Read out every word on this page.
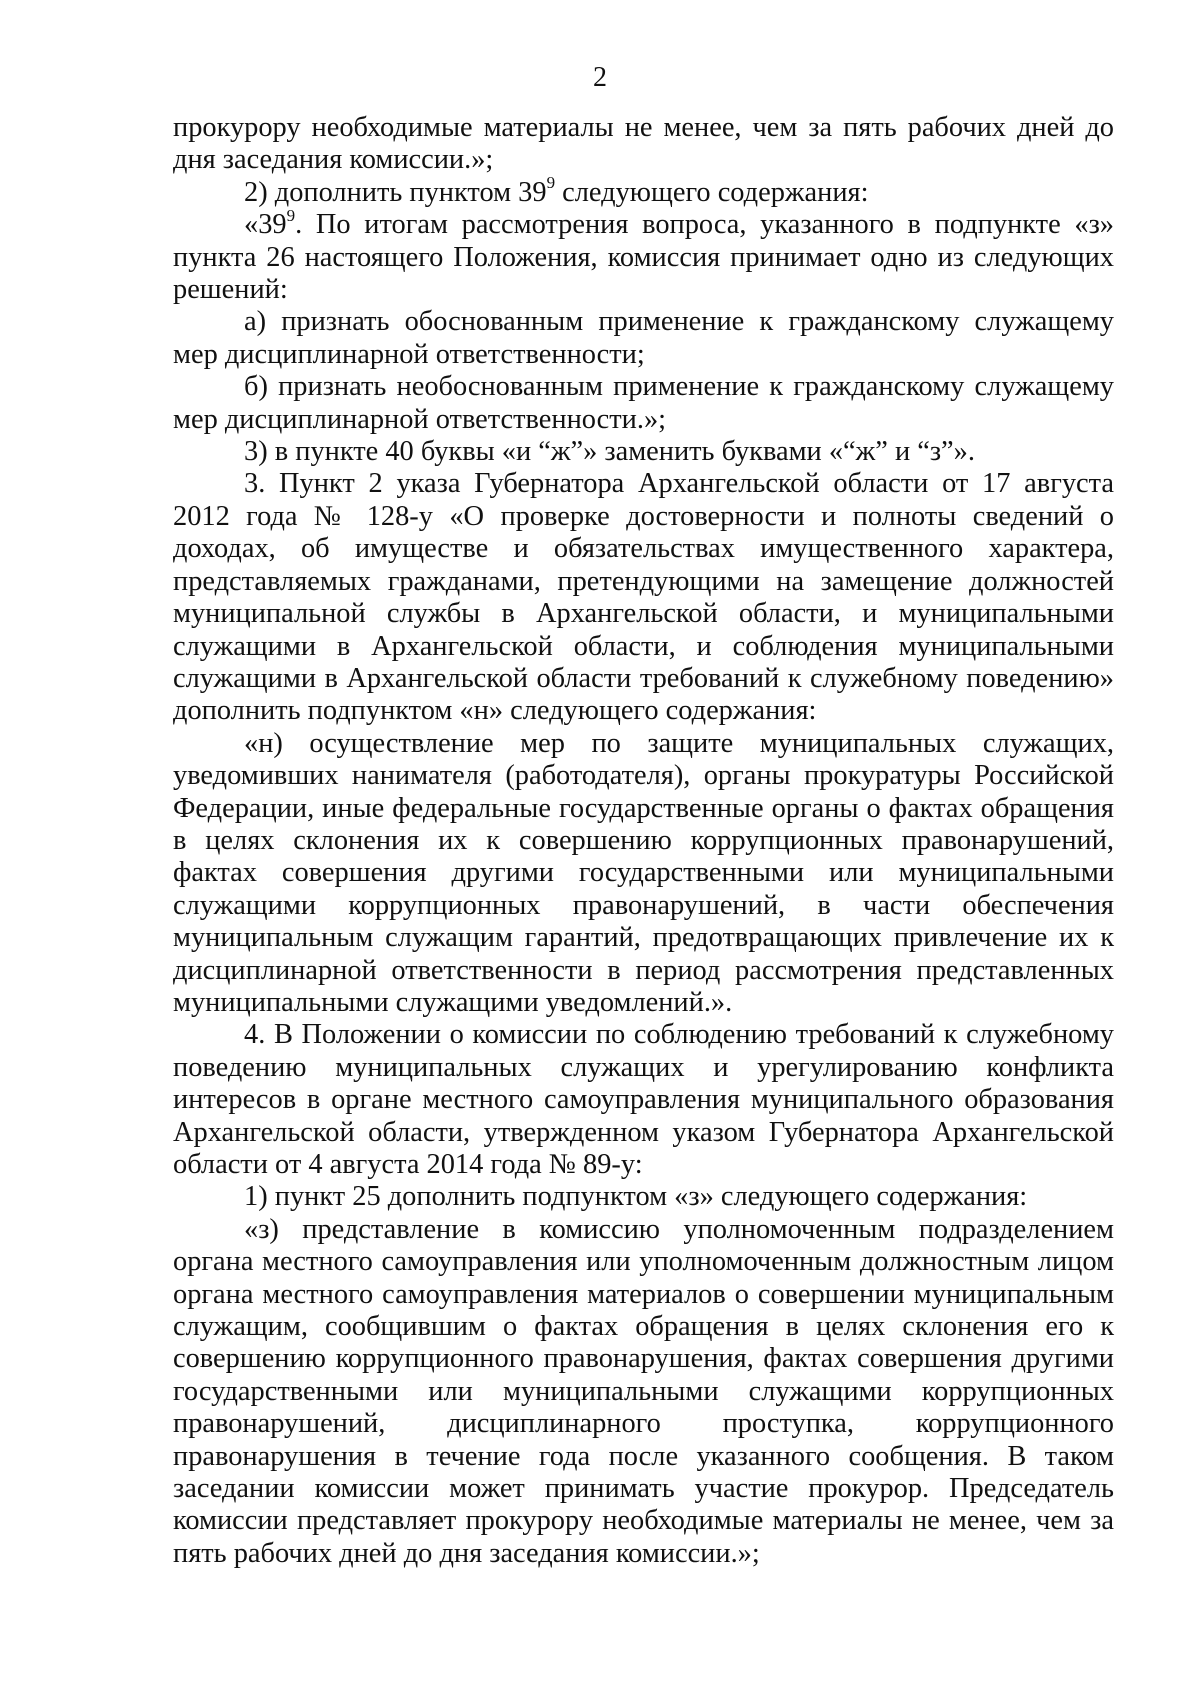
2

прокурору необходимые материалы не менее, чем за пять рабочих дней до дня заседания комиссии.»;

2) дополнить пунктом $39^9$ следующего содержания:

«$39^9$. По итогам рассмотрения вопроса, указанного в подпункте «з» пункта 26 настоящего Положения, комиссия принимает одно из следующих решений:

а) признать обоснованным применение к гражданскому служащему мер дисциплинарной ответственности;

б) признать необоснованным применение к гражданскому служащему мер дисциплинарной ответственности.»;

3) в пункте 40 буквы «и “ж”» заменить буквами «“ж” и “з”».

3. Пункт 2 указа Губернатора Архангельской области от 17 августа 2012 года № 128-у «О проверке достоверности и полноты сведений о доходах, об имуществе и обязательствах имущественного характера, представляемых гражданами, претендующими на замещение должностей муниципальной службы в Архангельской области, и муниципальными служащими в Архангельской области, и соблюдения муниципальными служащими в Архангельской области требований к служебному поведению» дополнить подпунктом «н» следующего содержания:

«н) осуществление мер по защите муниципальных служащих, уведомивших нанимателя (работодателя), органы прокуратуры Российской Федерации, иные федеральные государственные органы о фактах обращения в целях склонения их к совершению коррупционных правонарушений, фактах совершения другими государственными или муниципальными служащими коррупционных правонарушений, в части обеспечения муниципальным служащим гарантий, предотвращающих привлечение их к дисциплинарной ответственности в период рассмотрения представленных муниципальными служащими уведомлений.».

4. В Положении о комиссии по соблюдению требований к служебному поведению муниципальных служащих и урегулированию конфликта интересов в органе местного самоуправления муниципального образования Архангельской области, утвержденном указом Губернатора Архангельской области от 4 августа 2014 года № 89-у:

1) пункт 25 дополнить подпунктом «з» следующего содержания:

«з) представление в комиссию уполномоченным подразделением органа местного самоуправления или уполномоченным должностным лицом органа местного самоуправления материалов о совершении муниципальным служащим, сообщившим о фактах обращения в целях склонения его к совершению коррупционного правонарушения, фактах совершения другими государственными или муниципальными служащими коррупционных правонарушений, дисциплинарного проступка, коррупционного правонарушения в течение года после указанного сообщения. В таком заседании комиссии может принимать участие прокурор. Председатель комиссии представляет прокурору необходимые материалы не менее, чем за пять рабочих дней до дня заседания комиссии.»;
